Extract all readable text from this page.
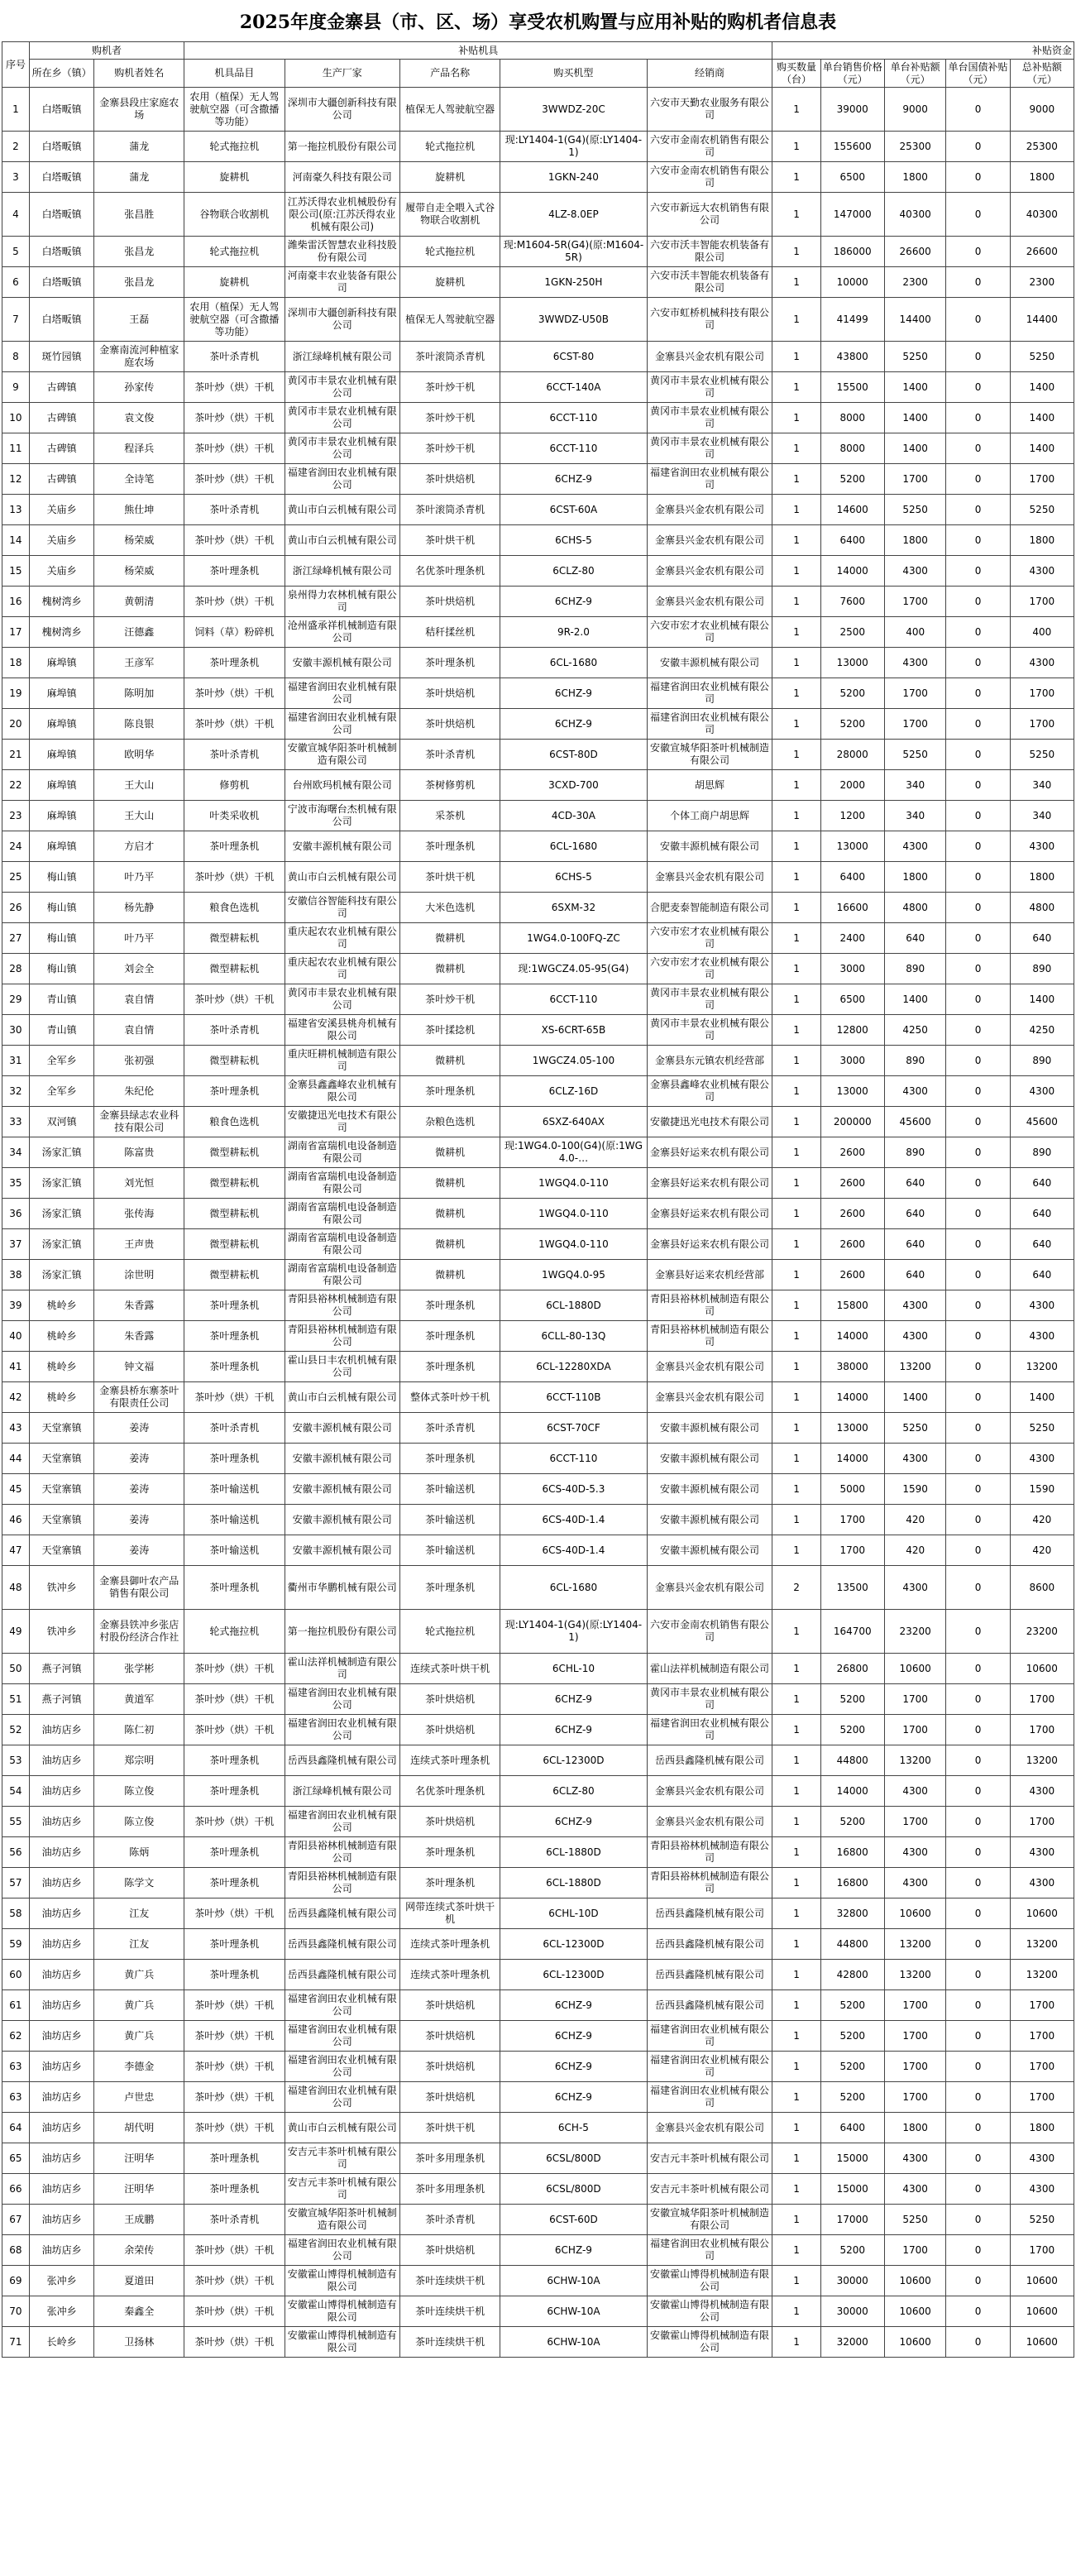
2025年度金寨县（市、区、场）享受农机购置与应用补贴的购机者信息表
序号	购机者		补贴机具					补贴资金				
	所在乡（镇）	购机者姓名	机具品目	生产厂家	产品名称	购买机型	经销商	购买数量（台）	单台销售价格（元）	单台补贴额（元）	单台国债补贴（元）	总补贴额（元）
1	白塔畈镇	金寨县段庄家庭农场	农用（植保）无人驾驶航空器（可含撒播等功能）	深圳市大疆创新科技有限公司	植保无人驾驶航空器	3WWDZ-20C	六安市天勤农业服务有限公司	1	39000	9000	0	9000
2	白塔畈镇	蒲龙	轮式拖拉机	第一拖拉机股份有限公司	轮式拖拉机	现:LY1404-1(G4)(原:LY1404-1)	六安市金南农机销售有限公司	1	155600	25300	0	25300
3	白塔畈镇	蒲龙	旋耕机	河南豪久科技有限公司	旋耕机	1GKN-240	六安市金南农机销售有限公司	1	6500	1800	0	1800
4	白塔畈镇	张昌胜	谷物联合收割机	江苏沃得农业机械股份有限公司(原:江苏沃得农业机械有限公司)	履带自走全喂入式谷物联合收割机	4LZ-8.0EP	六安市新远大农机销售有限公司	1	147000	40300	0	40300
5	白塔畈镇	张昌龙	轮式拖拉机	潍柴雷沃智慧农业科技股份有限公司	轮式拖拉机	现:M1604-5R(G4)(原:M1604-5R)	六安市沃丰智能农机装备有限公司	1	186000	26600	0	26600
6	白塔畈镇	张昌龙	旋耕机	河南豪丰农业装备有限公司	旋耕机	1GKN-250H	六安市沃丰智能农机装备有限公司	1	10000	2300	0	2300
7	白塔畈镇	王磊	农用（植保）无人驾驶航空器（可含撒播等功能）	深圳市大疆创新科技有限公司	植保无人驾驶航空器	3WWDZ-U50B	六安市虹桥机械科技有限公司	1	41499	14400	0	14400
8	斑竹园镇	金寨南流河种植家庭农场	茶叶杀青机	浙江绿峰机械有限公司	茶叶滚筒杀青机	6CST-80	金寨县兴金农机有限公司	1	43800	5250	0	5250
9	古碑镇	孙家传	茶叶炒（烘）干机	黄冈市丰景农业机械有限公司	茶叶炒干机	6CCT-140A	黄冈市丰景农业机械有限公司	1	15500	1400	0	1400
10	古碑镇	袁文俊	茶叶炒（烘）干机	黄冈市丰景农业机械有限公司	茶叶炒干机	6CCT-110	黄冈市丰景农业机械有限公司	1	8000	1400	0	1400
11	古碑镇	程泽兵	茶叶炒（烘）干机	黄冈市丰景农业机械有限公司	茶叶炒干机	6CCT-110	黄冈市丰景农业机械有限公司	1	8000	1400	0	1400
12	古碑镇	全诗笔	茶叶炒（烘）干机	福建省润田农业机械有限公司	茶叶烘焙机	6CHZ-9	福建省润田农业机械有限公司	1	5200	1700	0	1700
13	关庙乡	熊仕坤	茶叶杀青机	黄山市白云机械有限公司	茶叶滚筒杀青机	6CST-60A	金寨县兴金农机有限公司	1	14600	5250	0	5250
14	关庙乡	杨荣威	茶叶炒（烘）干机	黄山市白云机械有限公司	茶叶烘干机	6CHS-5	金寨县兴金农机有限公司	1	6400	1800	0	1800
15	关庙乡	杨荣威	茶叶理条机	浙江绿峰机械有限公司	名优茶叶理条机	6CLZ-80	金寨县兴金农机有限公司	1	14000	4300	0	4300
16	槐树湾乡	黄朝清	茶叶炒（烘）干机	泉州得力农林机械有限公司	茶叶烘焙机	6CHZ-9	金寨县兴金农机有限公司	1	7600	1700	0	1700
17	槐树湾乡	汪德鑫	饲料（草）粉碎机	沧州盛承祥机械制造有限公司	秸秆揉丝机	9R-2.0	六安市宏才农业机械有限公司	1	2500	400	0	400
18	麻埠镇	王彦军	茶叶理条机	安徽丰源机械有限公司	茶叶理条机	6CL-1680	安徽丰源机械有限公司	1	13000	4300	0	4300
19	麻埠镇	陈明加	茶叶炒（烘）干机	福建省润田农业机械有限公司	茶叶烘焙机	6CHZ-9	福建省润田农业机械有限公司	1	5200	1700	0	1700
20	麻埠镇	陈良银	茶叶炒（烘）干机	福建省润田农业机械有限公司	茶叶烘焙机	6CHZ-9	福建省润田农业机械有限公司	1	5200	1700	0	1700
21	麻埠镇	欧明华	茶叶杀青机	安徽宣城华阳茶叶机械制造有限公司	茶叶杀青机	6CST-80D	安徽宣城华阳茶叶机械制造有限公司	1	28000	5250	0	5250
22	麻埠镇	王大山	修剪机	台州欧玛机械有限公司	茶树修剪机	3CXD-700	胡思辉	1	2000	340	0	340
23	麻埠镇	王大山	叶类采收机	宁波市海曙台杰机械有限公司	采茶机	4CD-30A	个体工商户胡思辉	1	1200	340	0	340
24	麻埠镇	方启才	茶叶理条机	安徽丰源机械有限公司	茶叶理条机	6CL-1680	安徽丰源机械有限公司	1	13000	4300	0	4300
25	梅山镇	叶乃平	茶叶炒（烘）干机	黄山市白云机械有限公司	茶叶烘干机	6CHS-5	金寨县兴金农机有限公司	1	6400	1800	0	1800
26	梅山镇	杨先静	粮食色选机	安徽信谷智能科技有限公司	大米色选机	6SXM-32	合肥麦泰智能制造有限公司	1	16600	4800	0	4800
27	梅山镇	叶乃平	微型耕耘机	重庆起农农业机械有限公司	微耕机	1WG4.0-100FQ-ZC	六安市宏才农业机械有限公司	1	2400	640	0	640
28	梅山镇	刘会全	微型耕耘机	重庆起农农业机械有限公司	微耕机	现:1WGCZ4.05-95(G4)	六安市宏才农业机械有限公司	1	3000	890	0	890
29	青山镇	袁自情	茶叶炒（烘）干机	黄冈市丰景农业机械有限公司	茶叶炒干机	6CCT-110	黄冈市丰景农业机械有限公司	1	6500	1400	0	1400
30	青山镇	袁自情	茶叶杀青机	福建省安溪县桃舟机械有限公司	茶叶揉捻机	XS-6CRT-65B	黄冈市丰景农业机械有限公司	1	12800	4250	0	4250
31	全军乡	张初强	微型耕耘机	重庆旺耕机械制造有限公司	微耕机	1WGCZ4.05-100	金寨县东元镇农机经营部	1	3000	890	0	890
32	全军乡	朱纪伦	茶叶理条机	金寨县鑫鑫峰农业机械有限公司	茶叶理条机	6CLZ-16D	金寨县鑫峰农业机械有限公司	1	13000	4300	0	4300
33	双河镇	金寨县绿志农业科技有限公司	粮食色选机	安徽捷迅光电技术有限公司	杂粮色选机	6SXZ-640AX	安徽捷迅光电技术有限公司	1	200000	45600	0	45600
34	汤家汇镇	陈富贵	微型耕耘机	湖南省富瑞机电设备制造有限公司	微耕机	现:1WG4.0-100(G4)(原:1WG4.0-…	金寨县好运来农机有限公司	1	2600	890	0	890
35	汤家汇镇	刘光恒	微型耕耘机	湖南省富瑞机电设备制造有限公司	微耕机	1WGQ4.0-110	金寨县好运来农机有限公司	1	2600	640	0	640
36	汤家汇镇	张传海	微型耕耘机	湖南省富瑞机电设备制造有限公司	微耕机	1WGQ4.0-110	金寨县好运来农机有限公司	1	2600	640	0	640
37	汤家汇镇	王声贵	微型耕耘机	湖南省富瑞机电设备制造有限公司	微耕机	1WGQ4.0-110	金寨县好运来农机有限公司	1	2600	640	0	640
38	汤家汇镇	涂世明	微型耕耘机	湖南省富瑞机电设备制造有限公司	微耕机	1WGQ4.0-95	金寨县好运来农机经营部	1	2600	640	0	640
39	桃岭乡	朱香露	茶叶理条机	青阳县裕林机械制造有限公司	茶叶理条机	6CL-1880D	青阳县裕林机械制造有限公司	1	15800	4300	0	4300
40	桃岭乡	朱香露	茶叶理条机	青阳县裕林机械制造有限公司	茶叶理条机	6CLL-80-13Q	青阳县裕林机械制造有限公司	1	14000	4300	0	4300
41	桃岭乡	钟文福	茶叶理条机	霍山县日丰农机机械有限公司	茶叶理条机	6CL-12280XDA	金寨县兴金农机有限公司	1	38000	13200	0	13200
42	桃岭乡	金寨县桥东寨茶叶有限责任公司	茶叶炒（烘）干机	黄山市白云机械有限公司	整体式茶叶炒干机	6CCT-110B	金寨县兴金农机有限公司	1	14000	1400	0	1400
43	天堂寨镇	姜涛	茶叶杀青机	安徽丰源机械有限公司	茶叶杀青机	6CST-70CF	安徽丰源机械有限公司	1	13000	5250	0	5250
44	天堂寨镇	姜涛	茶叶理条机	安徽丰源机械有限公司	茶叶理条机	6CCT-110	安徽丰源机械有限公司	1	14000	4300	0	4300
45	天堂寨镇	姜涛	茶叶输送机	安徽丰源机械有限公司	茶叶输送机	6CS-40D-5.3	安徽丰源机械有限公司	1	5000	1590	0	1590
46	天堂寨镇	姜涛	茶叶输送机	安徽丰源机械有限公司	茶叶输送机	6CS-40D-1.4	安徽丰源机械有限公司	1	1700	420	0	420
47	天堂寨镇	姜涛	茶叶输送机	安徽丰源机械有限公司	茶叶输送机	6CS-40D-1.4	安徽丰源机械有限公司	1	1700	420	0	420
48	铁冲乡	金寨县御叶农产品销售有限公司	茶叶理条机	衢州市华鹏机械有限公司	茶叶理条机	6CL-1680	金寨县兴金农机有限公司	2	13500	4300	0	8600
49	铁冲乡	金寨县铁冲乡张店村股份经济合作社	轮式拖拉机	第一拖拉机股份有限公司	轮式拖拉机	现:LY1404-1(G4)(原:LY1404-1)	六安市金南农机销售有限公司	1	164700	23200	0	23200
50	燕子河镇	张学彬	茶叶炒（烘）干机	霍山法祥机械制造有限公司	连续式茶叶烘干机	6CHL-10	霍山法祥机械制造有限公司	1	26800	10600	0	10600
51	燕子河镇	黄道军	茶叶炒（烘）干机	福建省润田农业机械有限公司	茶叶烘焙机	6CHZ-9	黄冈市丰景农业机械有限公司	1	5200	1700	0	1700
52	油坊店乡	陈仁初	茶叶炒（烘）干机	福建省润田农业机械有限公司	茶叶烘焙机	6CHZ-9	福建省润田农业机械有限公司	1	5200	1700	0	1700
53	油坊店乡	郑宗明	茶叶理条机	岳西县鑫隆机械有限公司	连续式茶叶理条机	6CL-12300D	岳西县鑫隆机械有限公司	1	44800	13200	0	13200
54	油坊店乡	陈立俊	茶叶理条机	浙江绿峰机械有限公司	名优茶叶理条机	6CLZ-80	金寨县兴金农机有限公司	1	14000	4300	0	4300
55	油坊店乡	陈立俊	茶叶炒（烘）干机	福建省润田农业机械有限公司	茶叶烘焙机	6CHZ-9	金寨县兴金农机有限公司	1	5200	1700	0	1700
56	油坊店乡	陈炳	茶叶理条机	青阳县裕林机械制造有限公司	茶叶理条机	6CL-1880D	青阳县裕林机械制造有限公司	1	16800	4300	0	4300
57	油坊店乡	陈学文	茶叶理条机	青阳县裕林机械制造有限公司	茶叶理条机	6CL-1880D	青阳县裕林机械制造有限公司	1	16800	4300	0	4300
58	油坊店乡	江友	茶叶炒（烘）干机	岳西县鑫隆机械有限公司	网带连续式茶叶烘干机	6CHL-10D	岳西县鑫隆机械有限公司	1	32800	10600	0	10600
59	油坊店乡	江友	茶叶理条机	岳西县鑫隆机械有限公司	连续式茶叶理条机	6CL-12300D	岳西县鑫隆机械有限公司	1	44800	13200	0	13200
60	油坊店乡	黄广兵	茶叶理条机	岳西县鑫隆机械有限公司	连续式茶叶理条机	6CL-12300D	岳西县鑫隆机械有限公司	1	42800	13200	0	13200
61	油坊店乡	黄广兵	茶叶炒（烘）干机	福建省润田农业机械有限公司	茶叶烘焙机	6CHZ-9	岳西县鑫隆机械有限公司	1	5200	1700	0	1700
62	油坊店乡	黄广兵	茶叶炒（烘）干机	福建省润田农业机械有限公司	茶叶烘焙机	6CHZ-9	福建省润田农业机械有限公司	1	5200	1700	0	1700
63	油坊店乡	李德金	茶叶炒（烘）干机	福建省润田农业机械有限公司	茶叶烘焙机	6CHZ-9	福建省润田农业机械有限公司	1	5200	1700	0	1700
63	油坊店乡	卢世忠	茶叶炒（烘）干机	福建省润田农业机械有限公司	茶叶烘焙机	6CHZ-9	福建省润田农业机械有限公司	1	5200	1700	0	1700
64	油坊店乡	胡代明	茶叶炒（烘）干机	黄山市白云机械有限公司	茶叶烘干机	6CH-5	金寨县兴金农机有限公司	1	6400	1800	0	1800
65	油坊店乡	汪明华	茶叶理条机	安吉元丰茶叶机械有限公司	茶叶多用理条机	6CSL/800D	安吉元丰茶叶机械有限公司	1	15000	4300	0	4300
66	油坊店乡	汪明华	茶叶理条机	安吉元丰茶叶机械有限公司	茶叶多用理条机	6CSL/800D	安吉元丰茶叶机械有限公司	1	15000	4300	0	4300
67	油坊店乡	王成鹏	茶叶杀青机	安徽宣城华阳茶叶机械制造有限公司	茶叶杀青机	6CST-60D	安徽宣城华阳茶叶机械制造有限公司	1	17000	5250	0	5250
68	油坊店乡	余荣传	茶叶炒（烘）干机	福建省润田农业机械有限公司	茶叶烘焙机	6CHZ-9	福建省润田农业机械有限公司	1	5200	1700	0	1700
69	张冲乡	夏道田	茶叶炒（烘）干机	安徽霍山博得机械制造有限公司	茶叶连续烘干机	6CHW-10A	安徽霍山博得机械制造有限公司	1	30000	10600	0	10600
70	张冲乡	秦鑫全	茶叶炒（烘）干机	安徽霍山博得机械制造有限公司	茶叶连续烘干机	6CHW-10A	安徽霍山博得机械制造有限公司	1	30000	10600	0	10600
71	长岭乡	卫扬林	茶叶炒（烘）干机	安徽霍山博得机械制造有限公司	茶叶连续烘干机	6CHW-10A	安徽霍山博得机械制造有限公司	1	32000	10600	0	10600
